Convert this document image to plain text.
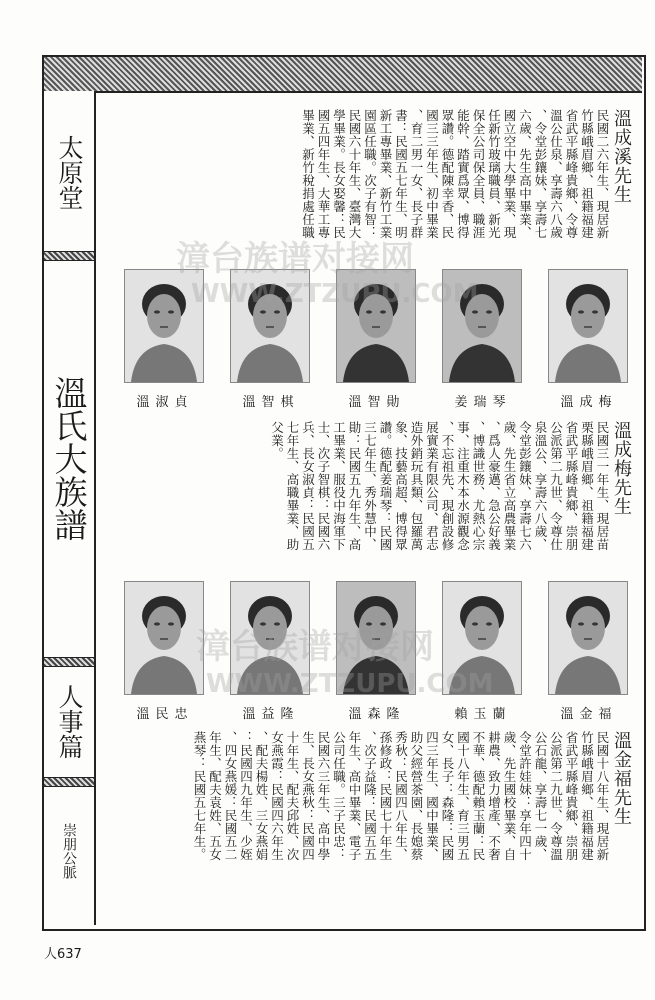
太原堂
溫氏大族譜
人事篇
崇朋公脈
溫成溪先生
民國二六年生、現居新
竹縣峨眉鄉、祖籍福建
省武平縣峰貴鄉、令尊
溫公仕泉、享壽六八歲
、令堂彭鑲妹、享壽七
六歲、先生高中畢業、
國立空中大學畢業、現
任新竹玻璃職員、新光
保全公司保全員、職涯
能幹、踏實爲眾、博得
眾讚。德配陳幸香、民
國三三年生、初中畢業
、育二男一女、長子群
書：民國五七年生、明
新工專畢業、新竹工業
園區任職。次子有智：
民國六十年生、臺灣大
學畢業。長女娶馨：民
國五四年生、大華工專
畢業、新竹稅捐處任職
溫成梅
姜瑞琴
溫智勛
溫智棋
溫淑貞
溫成梅先生
民國三一年生、現居苗
栗縣峨眉鄉、祖籍福建
省武平縣峰貴鄉、崇朋
公派第二九世、令尊仕
泉溫公、享壽六八歲、
令堂彭鑲妹、享壽七六
歲、先生省立高農畢業
、爲人豪邁、急公好義
、博識世務、尤熱心宗
事、注重木本水源觀念
、不忘祖先、現創設修
展實業有限公司、君志
造外銷玩具類、包羅萬
象、技藝高超、博得眾
讚。德配姜瑞琴：民國
三七年生、秀外慧中、
勛：民國五九年生、高
工畢業、服役中海軍下
士、次子智棋：民國六
兵、長女淑貞：民國五
七年生、高職畢業、助
父業。
溫金福
賴玉蘭
溫森隆
溫益隆
溫民忠
溫金福先生
民國十八年生、現居新
竹縣峨眉鄉、祖籍福建
省武平縣峰貴鄉、崇朋
公派第二九世、令尊溫
公石龍、享壽七一歲、
令堂許娃妹：享年四十
歲、先生國校畢業、自
耕農、致力增產、不奢
不華、德配賴玉蘭：民
國十八年生、育三男五
女、長子：森隆：民國
四三年生、國中畢業、
助父經營茶園、長媳蔡
秀秋：民國四八年生、
孫修政：民國七十年生
、次子益隆：民國五五
年生、高中畢業、電子
公司任職。三子民忠：
民國六三年生、高中學
生、長女燕秋：民國四
十年生、配夫邱姓、次
女燕霞：民國四六年生
、配夫楊姓、三女燕娟
：民國四九年生、少姪
、四女燕媛：民國五二
年生、配夫袁姓、五女
燕琴：民國五七年生。
漳台族谱对接网
WWW.ZTZUPU.COM
漳台族谱对接网
WWW.ZTZUPU.COM
人637
